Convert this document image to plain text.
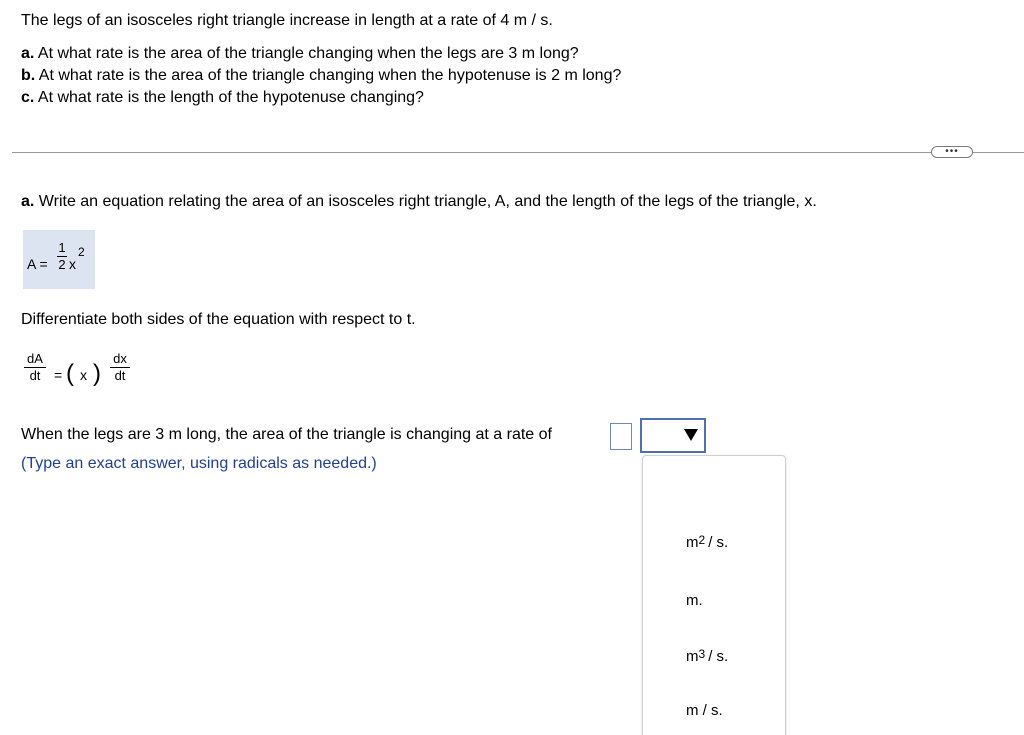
The legs of an isosceles right triangle increase in length at a rate of 4 m / s.

a. At what rate is the area of the triangle changing when the legs are 3 m long?

b. At what rate is the area of the triangle changing when the hypotenuse is 2 m long?

c. At what rate is the length of the hypotenuse changing?

•••
a. Write an equation relating the area of an isosceles right triangle, A, and the length of the legs of the triangle, x.
A =
1
2 x
2
Differentiate both sides of the equation with respect to t.
dA
dt = ( x )
dx
dt
When the legs are 3 m long, the area of the triangle is changing at a rate of
(Type an exact answer, using radicals as needed.)
$m^2$ / s.
m.
$m^3$ / s.
m / s.
